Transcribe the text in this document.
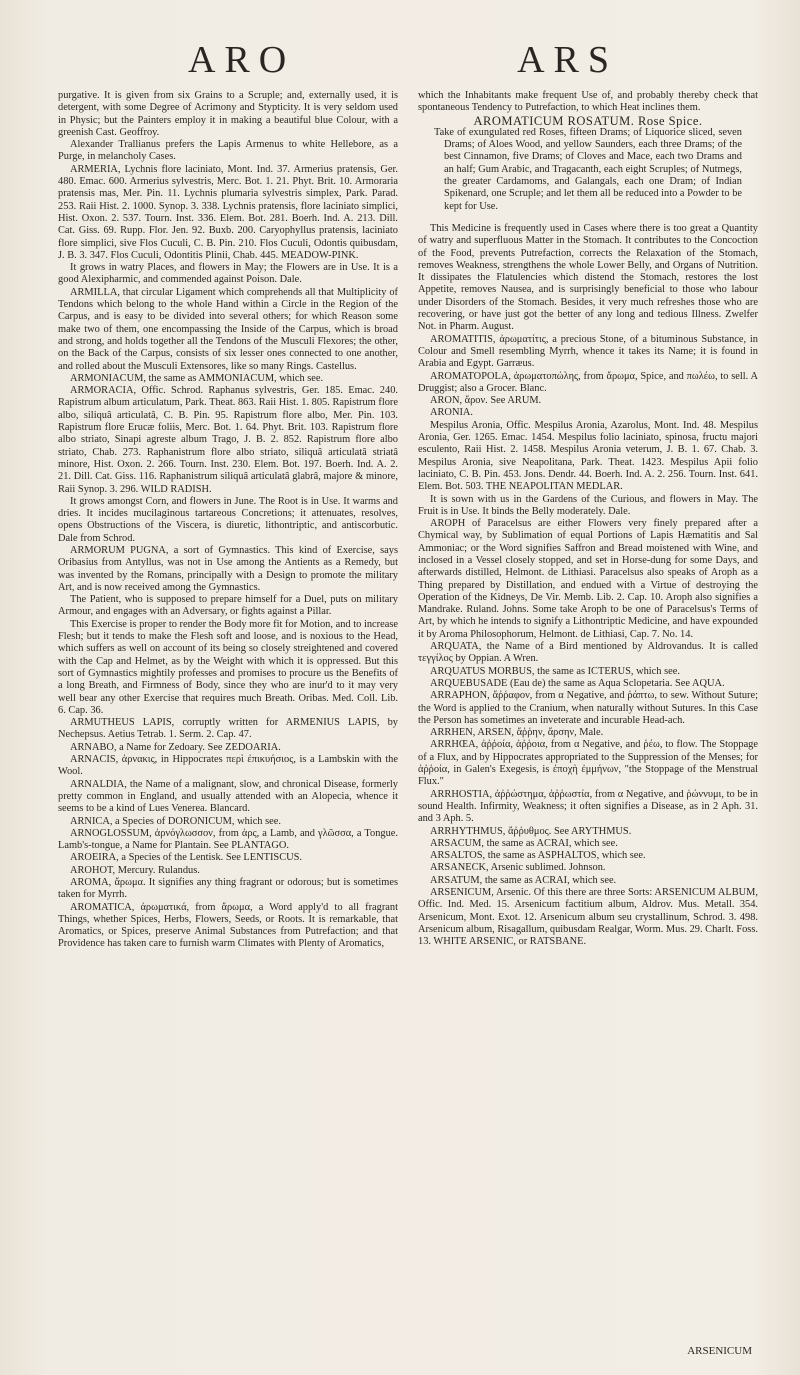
ARO	ARS

purgative. It is given from six Grains to a Scruple; and, externally used, it is detergent, with some Degree of Acrimony and Stypticity. It is very seldom used in Physic; but the Painters employ it in making a beautiful blue Colour, with a greenish Cast. Geoffroy.

Alexander Trallianus prefers the Lapis Armenus to white Hellebore, as a Purge, in melancholy Cases.

ARMERIA, Lychnis flore laciniato, Mont. Ind. 37. Armerius pratensis, Ger. 480. Emac. 600. Armerius sylvestris, Merc. Bot. 1. 21. Phyt. Brit. 10. Armoraria pratensis mas, Mer. Pin. 11. Lychnis plumaria sylvestris simplex, Park. Parad. 253. Raii Hist. 2. 1000. Synop. 3. 338. Lychnis pratensis, flore laciniato simplici, Hist. Oxon. 2. 537. Tourn. Inst. 336. Elem. Bot. 281. Boerh. Ind. A. 213. Dill. Cat. Giss. 69. Rupp. Flor. Jen. 92. Buxb. 200. Caryophyllus pratensis, laciniato flore simplici, sive Flos Cuculi, C. B. Pin. 210. Flos Cuculi, Odontis quibusdam, J. B. 3. 347. Flos Cuculi, Odontitis Plinii, Chab. 445. MEADOW-PINK.

It grows in watry Places, and flowers in May; the Flowers are in Use. It is a good Alexipharmic, and commended against Poison. Dale.

ARMILLA, that circular Ligament which comprehends all that Multiplicity of Tendons which belong to the whole Hand within a Circle in the Region of the Carpus, and is easy to be divided into several others; for which Reason some make two of them, one encompassing the Inside of the Carpus, which is broad and strong, and holds together all the Tendons of the Musculi Flexores; the other, on the Back of the Carpus, consists of six lesser ones connected to one another, and rolled about the Musculi Extensores, like so many Rings. Castellus.

ARMONIACUM, the same as AMMONIACUM, which see.

ARMORACIA, Offic. Schrod. Raphanus sylvestris, Ger. 185. Emac. 240. Rapistrum album articulatum, Park. Theat. 863. Raii Hist. 1. 805. Rapistrum flore albo, siliquâ articulatâ, C. B. Pin. 95. Rapistrum flore albo, Mer. Pin. 103. Rapistrum flore Erucæ foliis, Merc. Bot. 1. 64. Phyt. Brit. 103. Rapistrum flore albo striato, Sinapi agreste album Trago, J. B. 2. 852. Rapistrum flore albo striato, Chab. 273. Raphanistrum flore albo striato, siliquâ articulatâ striatâ minore, Hist. Oxon. 2. 266. Tourn. Inst. 230. Elem. Bot. 197. Boerh. Ind. A. 2. 21. Dill. Cat. Giss. 116. Raphanistrum siliquâ articulatâ glabrâ, majore & minore, Raii Synop. 3. 296. WILD RADISH.

It grows amongst Corn, and flowers in June. The Root is in Use. It warms and dries. It incides mucilaginous tartareous Concretions; it attenuates, resolves, opens Obstructions of the Viscera, is diuretic, lithontriptic, and antiscorbutic. Dale from Schrod.

ARMORUM PUGNA, a sort of Gymnastics. This kind of Exercise, says Oribasius from Antyllus, was not in Use among the Antients as a Remedy, but was invented by the Romans, principally with a Design to promote the military Art, and is now received among the Gymnastics.

The Patient, who is supposed to prepare himself for a Duel, puts on military Armour, and engages with an Adversary, or fights against a Pillar.

This Exercise is proper to render the Body more fit for Motion, and to increase Flesh; but it tends to make the Flesh soft and loose, and is noxious to the Head, which suffers as well on account of its being so closely streightened and covered with the Cap and Helmet, as by the Weight with which it is oppressed. But this sort of Gymnastics mightily professes and promises to procure us the Benefits of a long Breath, and Firmness of Body, since they who are inur'd to it may very well bear any other Exercise that requires much Breath. Oribas. Med. Coll. Lib. 6. Cap. 36.

ARMUTHEUS LAPIS, corruptly written for ARMENIUS LAPIS, by Nechepsus. Aetius Tetrab. 1. Serm. 2. Cap. 47.

ARNABO, a Name for Zedoary. See ZEDOARIA.

ARNACIS, ἀρνακις, in Hippocrates περὶ ἐπικυήσιος, is a Lambskin with the Wool.

ARNALDIA, the Name of a malignant, slow, and chronical Disease, formerly pretty common in England, and usually attended with an Alopecia, whence it seems to be a kind of Lues Venerea. Blancard.

ARNICA, a Species of DORONICUM, which see.

ARNOGLOSSUM, ἀρνόγλωσσον, from ἀρς, a Lamb, and γλῶσσα, a Tongue. Lamb's-tongue, a Name for Plantain. See PLANTAGO.

AROEIRA, a Species of the Lentisk. See LENTISCUS.

AROHOT, Mercury. Rulandus.

AROMA, ἄρωμα. It signifies any thing fragrant or odorous; but is sometimes taken for Myrrh.

AROMATICA, ἀρωματικά, from ἄρωμα, a Word apply'd to all fragrant Things, whether Spices, Herbs, Flowers, Seeds, or Roots. It is remarkable, that Aromatics, or Spices, preserve Animal Substances from Putrefaction; and that Providence has taken care to furnish warm Climates with Plenty of Aromatics,

which the Inhabitants make frequent Use of, and probably thereby check that spontaneous Tendency to Putrefaction, to which Heat inclines them.

AROMATICUM ROSATUM. Rose Spice.

Take of exungulated red Roses, fifteen Drams; of Liquorice sliced, seven Drams; of Aloes Wood, and yellow Saunders, each three Drams; of the best Cinnamon, five Drams; of Cloves and Mace, each two Drams and an half; Gum Arabic, and Tragacanth, each eight Scruples; of Nutmegs, the greater Cardamoms, and Galangals, each one Dram; of Indian Spikenard, one Scruple; and let them all be reduced into a Powder to be kept for Use.

This Medicine is frequently used in Cases where there is too great a Quantity of watry and superfluous Matter in the Stomach. It contributes to the Concoction of the Food, prevents Putrefaction, corrects the Relaxation of the Stomach, removes Weakness, strengthens the whole Lower Belly, and Organs of Nutrition. It dissipates the Flatulencies which distend the Stomach, restores the lost Appetite, removes Nausea, and is surprisingly beneficial to those who labour under Disorders of the Stomach. Besides, it very much refreshes those who are recovering, or have just got the better of any long and tedious Illness. Zwelfer Not. in Pharm. August.

AROMATITIS, ἀρωματίτις, a precious Stone, of a bituminous Substance, in Colour and Smell resembling Myrrh, whence it takes its Name; it is found in Arabia and Egypt. Garræus.

AROMATOPOLA, ἀρωματοπώλης, from ἄρωμα, Spice, and πωλέω, to sell. A Druggist; also a Grocer. Blanc.

ARON, ἄρον. See ARUM.

ARONIA.

Mespilus Aronia, Offic. Mespilus Aronia, Azarolus, Mont. Ind. 48. Mespilus Aronia, Ger. 1265. Emac. 1454. Mespilus folio laciniato, spinosa, fructu majori esculento, Raii Hist. 2. 1458. Mespilus Aronia veterum, J. B. 1. 67. Chab. 3. Mespilus Aronia, sive Neapolitana, Park. Theat. 1423. Mespilus Apii folio laciniato, C. B. Pin. 453. Jons. Dendr. 44. Boerh. Ind. A. 2. 256. Tourn. Inst. 641. Elem. Bot. 503. THE NEAPOLITAN MEDLAR.

It is sown with us in the Gardens of the Curious, and flowers in May. The Fruit is in Use. It binds the Belly moderately. Dale.

AROPH of Paracelsus are either Flowers very finely prepared after a Chymical way, by Sublimation of equal Portions of Lapis Hæmatitis and Sal Ammoniac; or the Word signifies Saffron and Bread moistened with Wine, and inclosed in a Vessel closely stopped, and set in Horse-dung for some Days, and afterwards distilled, Helmont. de Lithiasi. Paracelsus also speaks of Aroph as a Thing prepared by Distillation, and endued with a Virtue of destroying the Operation of the Kidneys, De Vir. Memb. Lib. 2. Cap. 10. Aroph also signifies a Mandrake. Ruland. Johns. Some take Aroph to be one of Paracelsus's Terms of Art, by which he intends to signify a Lithontriptic Medicine, and have expounded it by Aroma Philosophorum, Helmont. de Lithiasi, Cap. 7. No. 14.

ARQUATA, the Name of a Bird mentioned by Aldrovandus. It is called τεγγίλος by Oppian. A Wren.

ARQUATUS MORBUS, the same as ICTERUS, which see.

ARQUEBUSADE (Eau de) the same as Aqua Sclopetaria. See AQUA.

ARRAPHON, ἄῤῥαφον, from α Negative, and ῥάπτω, to sew. Without Suture; the Word is applied to the Cranium, when naturally without Sutures. In this Case the Person has sometimes an inveterate and incurable Head-ach.

ARRHEN, ARSEN, ἄῤῥην, ἄρσην, Male.

ARRHŒA, ἀῤῥοία, ἀῤῥοια, from α Negative, and ῥέω, to flow. The Stoppage of a Flux, and by Hippocrates appropriated to the Suppression of the Menses; for ἀῤῥοία, in Galen's Exegesis, is ἐποχὴ ἐμμήνων, "the Stoppage of the Menstrual Flux."

ARRHOSTIA, ἀῤῥώστημα, ἀῤῥωστία, from α Negative, and ῥώννυμι, to be in sound Health. Infirmity, Weakness; it often signifies a Disease, as in 2 Aph. 31. and 3 Aph. 5.

ARRHYTHMUS, ἄῤῥυθμος. See ARYTHMUS.

ARSACUM, the same as ACRAI, which see.

ARSALTOS, the same as ASPHALTOS, which see.

ARSANECK, Arsenic sublimed. Johnson.

ARSATUM, the same as ACRAI, which see.

ARSENICUM, Arsenic. Of this there are three Sorts: ARSENICUM ALBUM, Offic. Ind. Med. 15. Arsenicum factitium album, Aldrov. Mus. Metall. 354. Arsenicum, Mont. Exot. 12. Arsenicum album seu crystallinum, Schrod. 3. 498. Arsenicum album, Risagallum, quibusdam Realgar, Worm. Mus. 29. Charlt. Foss. 13. WHITE ARSENIC, or RATSBANE.

ARSENICUM
